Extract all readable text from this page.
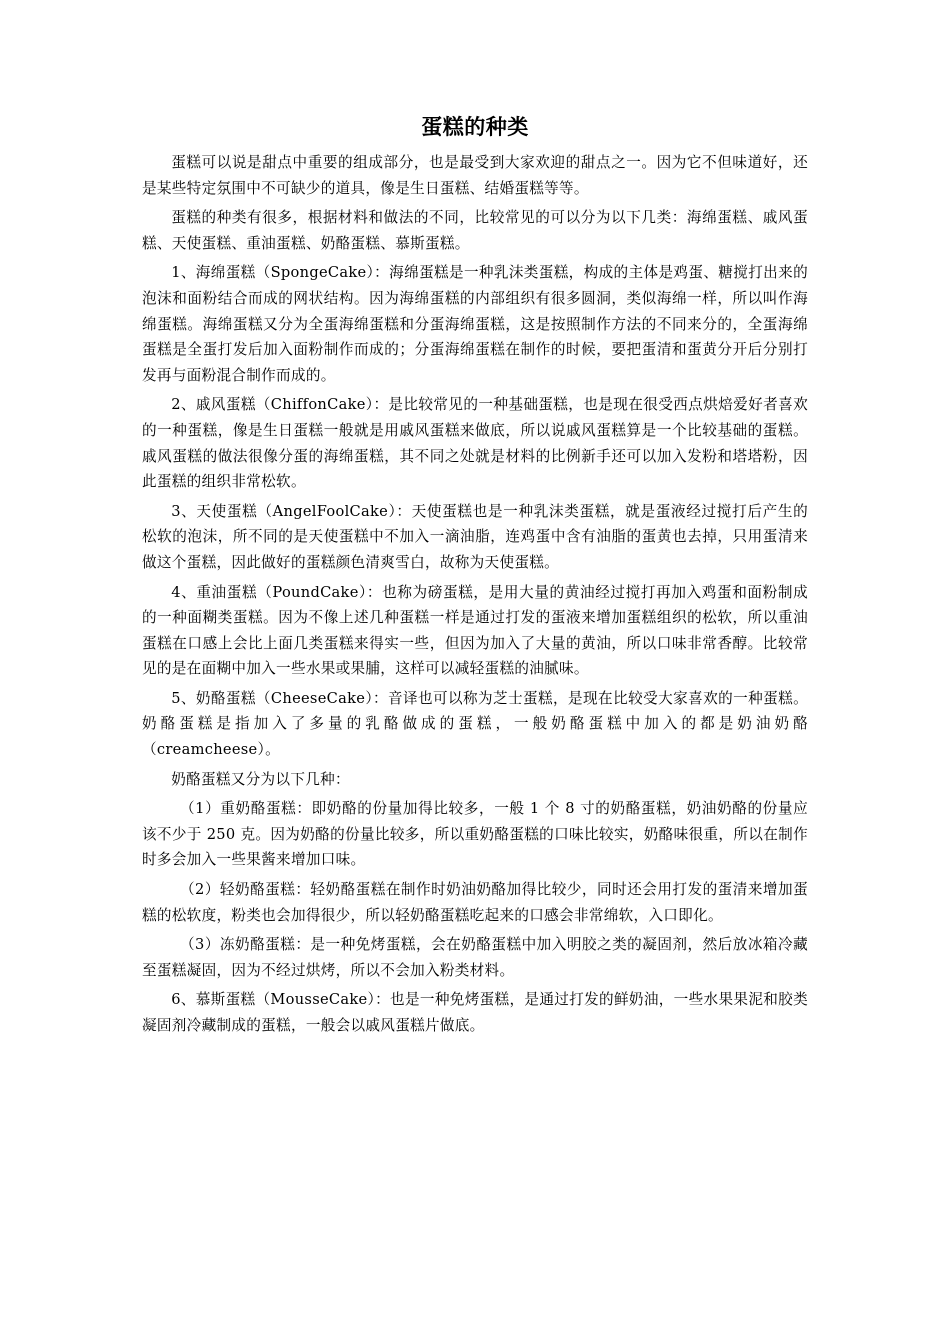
蛋糕的种类

蛋糕可以说是甜点中重要的组成部分，也是最受到大家欢迎的甜点之一。因为它不但味道好，还是某些特定氛围中不可缺少的道具，像是生日蛋糕、结婚蛋糕等等。

蛋糕的种类有很多，根据材料和做法的不同，比较常见的可以分为以下几类：海绵蛋糕、戚风蛋糕、天使蛋糕、重油蛋糕、奶酪蛋糕、慕斯蛋糕。

1、海绵蛋糕（SpongeCake）：海绵蛋糕是一种乳沫类蛋糕，构成的主体是鸡蛋、糖搅打出来的泡沫和面粉结合而成的网状结构。因为海绵蛋糕的内部组织有很多圆洞，类似海绵一样，所以叫作海绵蛋糕。海绵蛋糕又分为全蛋海绵蛋糕和分蛋海绵蛋糕，这是按照制作方法的不同来分的，全蛋海绵蛋糕是全蛋打发后加入面粉制作而成的；分蛋海绵蛋糕在制作的时候，要把蛋清和蛋黄分开后分别打发再与面粉混合制作而成的。

2、戚风蛋糕（ChiffonCake）：是比较常见的一种基础蛋糕，也是现在很受西点烘焙爱好者喜欢的一种蛋糕，像是生日蛋糕一般就是用戚风蛋糕来做底，所以说戚风蛋糕算是一个比较基础的蛋糕。戚风蛋糕的做法很像分蛋的海绵蛋糕，其不同之处就是材料的比例新手还可以加入发粉和塔塔粉，因此蛋糕的组织非常松软。

3、天使蛋糕（AngelFoolCake）：天使蛋糕也是一种乳沫类蛋糕，就是蛋液经过搅打后产生的松软的泡沫，所不同的是天使蛋糕中不加入一滴油脂，连鸡蛋中含有油脂的蛋黄也去掉，只用蛋清来做这个蛋糕，因此做好的蛋糕颜色清爽雪白，故称为天使蛋糕。

4、重油蛋糕（PoundCake）：也称为磅蛋糕，是用大量的黄油经过搅打再加入鸡蛋和面粉制成的一种面糊类蛋糕。因为不像上述几种蛋糕一样是通过打发的蛋液来增加蛋糕组织的松软，所以重油蛋糕在口感上会比上面几类蛋糕来得实一些，但因为加入了大量的黄油，所以口味非常香醇。比较常见的是在面糊中加入一些水果或果脯，这样可以减轻蛋糕的油腻味。

5、奶酪蛋糕（CheeseCake）：音译也可以称为芝士蛋糕，是现在比较受大家喜欢的一种蛋糕。奶酪蛋糕是指加入了多量的乳酪做成的蛋糕，一般奶酪蛋糕中加入的都是奶油奶酪（creamcheese）。

奶酪蛋糕又分为以下几种：

（1）重奶酪蛋糕：即奶酪的份量加得比较多，一般 1 个 8 寸的奶酪蛋糕，奶油奶酪的份量应该不少于 250 克。因为奶酪的份量比较多，所以重奶酪蛋糕的口味比较实，奶酪味很重，所以在制作时多会加入一些果酱来增加口味。

（2）轻奶酪蛋糕：轻奶酪蛋糕在制作时奶油奶酪加得比较少，同时还会用打发的蛋清来增加蛋糕的松软度，粉类也会加得很少，所以轻奶酪蛋糕吃起来的口感会非常绵软，入口即化。

（3）冻奶酪蛋糕：是一种免烤蛋糕，会在奶酪蛋糕中加入明胶之类的凝固剂，然后放冰箱冷藏至蛋糕凝固，因为不经过烘烤，所以不会加入粉类材料。

6、慕斯蛋糕（MousseCake）：也是一种免烤蛋糕，是通过打发的鲜奶油，一些水果果泥和胶类凝固剂冷藏制成的蛋糕，一般会以戚风蛋糕片做底。
